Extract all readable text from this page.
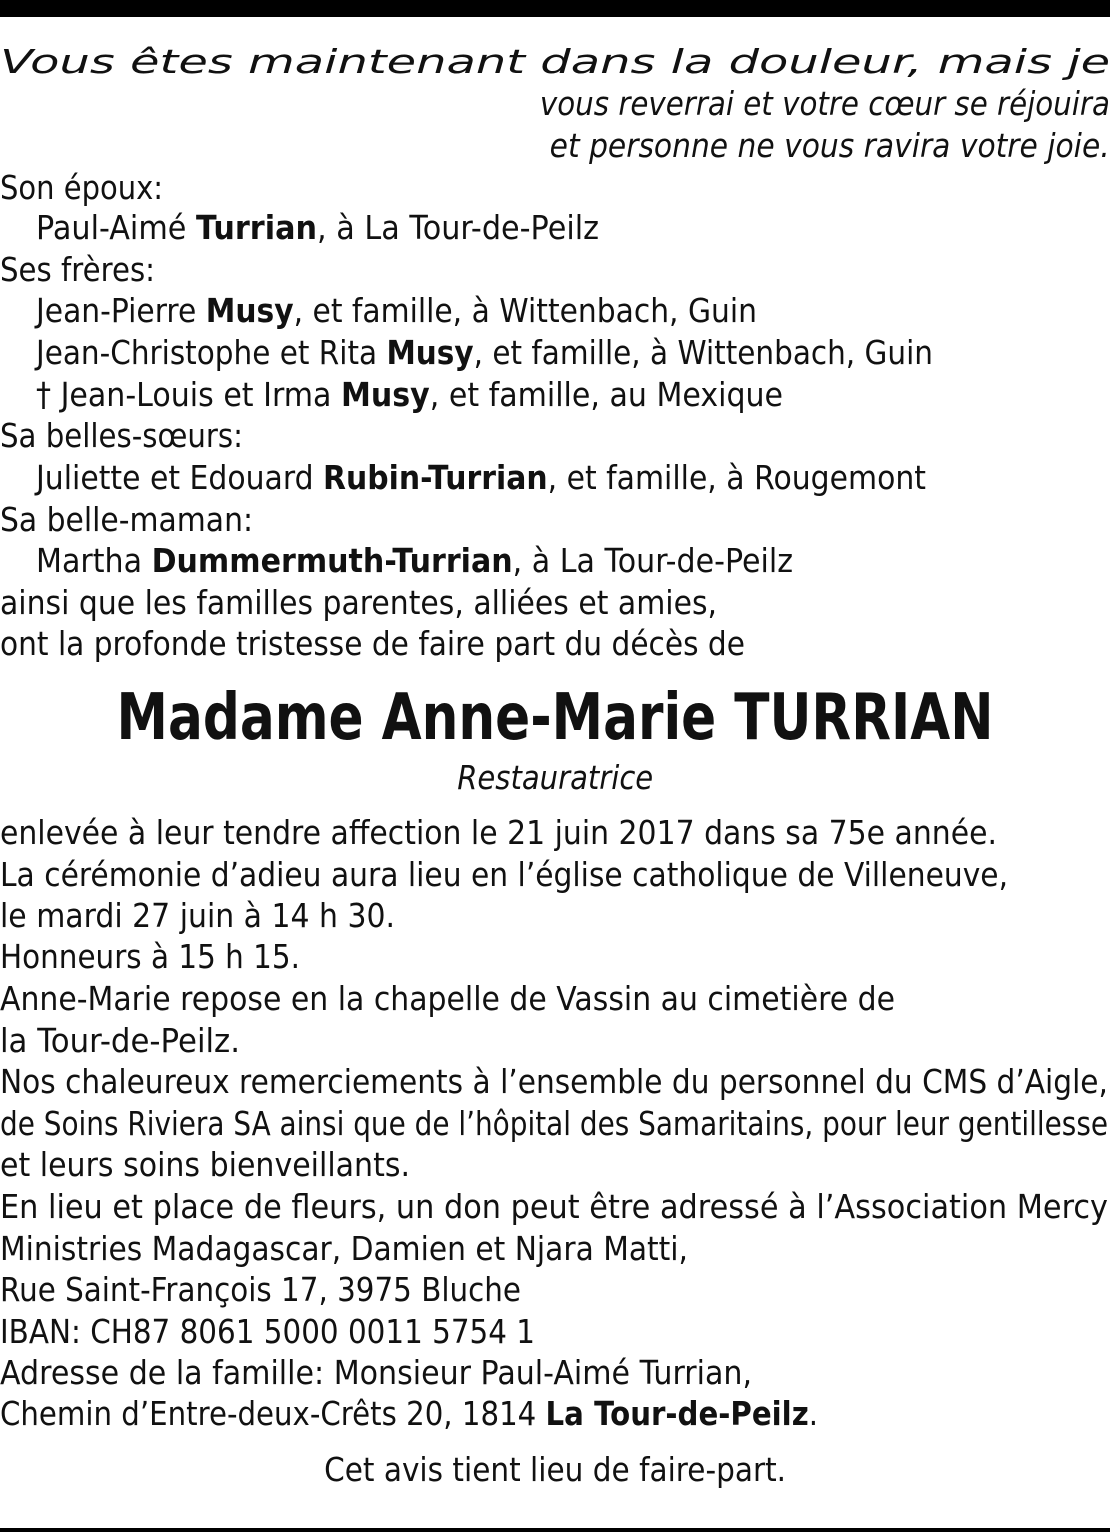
Vous êtes maintenant dans la douleur, mais je
vous reverrai et votre cœur se réjouira
et personne ne vous ravira votre joie.
Son époux:
Paul-Aimé Turrian, à La Tour-de-Peilz
Ses frères:
Jean-Pierre Musy, et famille, à Wittenbach, Guin
Jean-Christophe et Rita Musy, et famille, à Wittenbach, Guin
† Jean-Louis et Irma Musy, et famille, au Mexique
Sa belles-sœurs:
Juliette et Edouard Rubin-Turrian, et famille, à Rougemont
Sa belle-maman:
Martha Dummermuth-Turrian, à La Tour-de-Peilz
ainsi que les familles parentes, alliées et amies,
ont la profonde tristesse de faire part du décès de
Madame Anne-Marie TURRIAN
Restauratrice
enlevée à leur tendre affection le 21 juin 2017 dans sa 75e année.
La cérémonie d’adieu aura lieu en l’église catholique de Villeneuve,
le mardi 27 juin à 14 h 30.
Honneurs à 15 h 15.
Anne-Marie repose en la chapelle de Vassin au cimetière de
la Tour-de-Peilz.
Nos chaleureux remerciements à l’ensemble du personnel du CMS d’Aigle,
de Soins Riviera SA ainsi que de l’hôpital des Samaritains, pour leur gentillesse
et leurs soins bienveillants.
En lieu et place de fleurs, un don peut être adressé à l’Association Mercy
Ministries Madagascar, Damien et Njara Matti,
Rue Saint-François 17, 3975 Bluche
IBAN: CH87 8061 5000 0011 5754 1
Adresse de la famille: Monsieur Paul-Aimé Turrian,
Chemin d’Entre-deux-Crêts 20, 1814 La Tour-de-Peilz.
Cet avis tient lieu de faire-part.
